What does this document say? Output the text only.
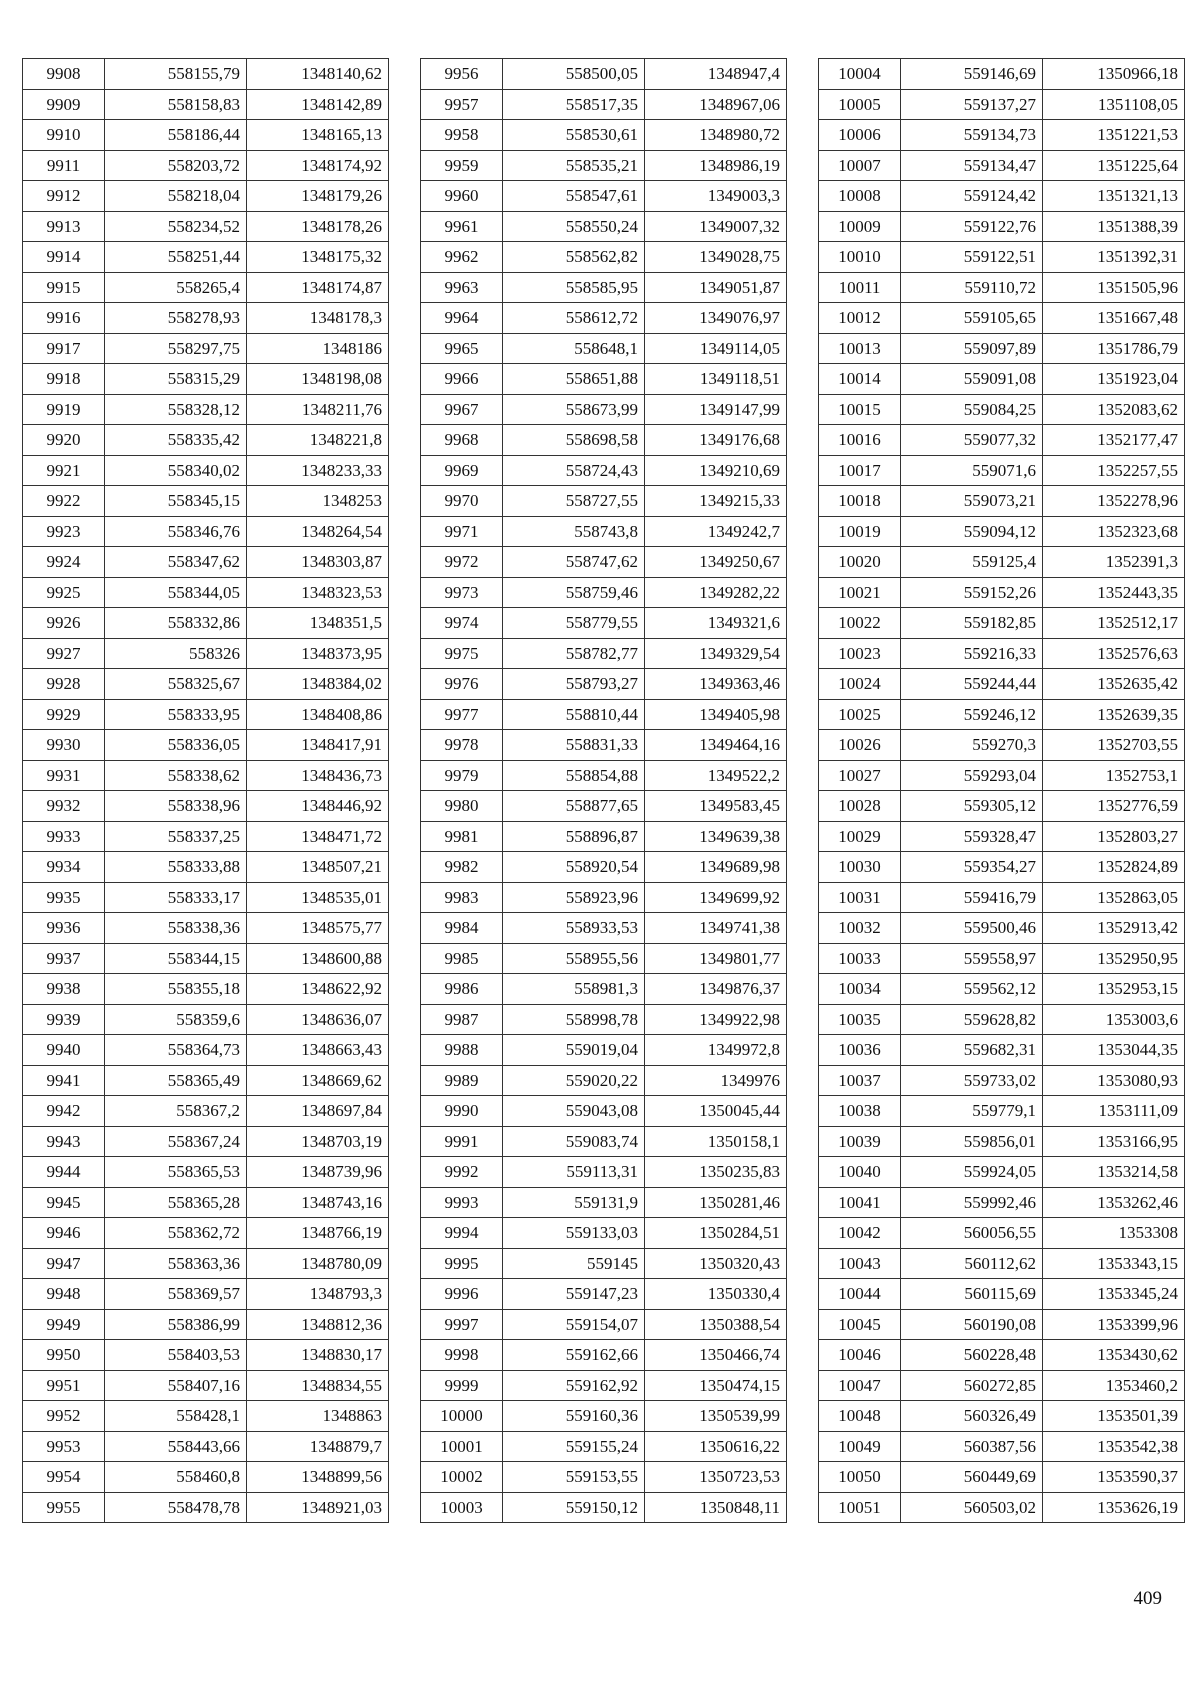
9908	558155,79	1348140,62
9909	558158,83	1348142,89
9910	558186,44	1348165,13
9911	558203,72	1348174,92
9912	558218,04	1348179,26
9913	558234,52	1348178,26
9914	558251,44	1348175,32
9915	558265,4	1348174,87
9916	558278,93	1348178,3
9917	558297,75	1348186
9918	558315,29	1348198,08
9919	558328,12	1348211,76
9920	558335,42	1348221,8
9921	558340,02	1348233,33
9922	558345,15	1348253
9923	558346,76	1348264,54
9924	558347,62	1348303,87
9925	558344,05	1348323,53
9926	558332,86	1348351,5
9927	558326	1348373,95
9928	558325,67	1348384,02
9929	558333,95	1348408,86
9930	558336,05	1348417,91
9931	558338,62	1348436,73
9932	558338,96	1348446,92
9933	558337,25	1348471,72
9934	558333,88	1348507,21
9935	558333,17	1348535,01
9936	558338,36	1348575,77
9937	558344,15	1348600,88
9938	558355,18	1348622,92
9939	558359,6	1348636,07
9940	558364,73	1348663,43
9941	558365,49	1348669,62
9942	558367,2	1348697,84
9943	558367,24	1348703,19
9944	558365,53	1348739,96
9945	558365,28	1348743,16
9946	558362,72	1348766,19
9947	558363,36	1348780,09
9948	558369,57	1348793,3
9949	558386,99	1348812,36
9950	558403,53	1348830,17
9951	558407,16	1348834,55
9952	558428,1	1348863
9953	558443,66	1348879,7
9954	558460,8	1348899,56
9955	558478,78	1348921,03
9956	558500,05	1348947,4
9957	558517,35	1348967,06
9958	558530,61	1348980,72
9959	558535,21	1348986,19
9960	558547,61	1349003,3
9961	558550,24	1349007,32
9962	558562,82	1349028,75
9963	558585,95	1349051,87
9964	558612,72	1349076,97
9965	558648,1	1349114,05
9966	558651,88	1349118,51
9967	558673,99	1349147,99
9968	558698,58	1349176,68
9969	558724,43	1349210,69
9970	558727,55	1349215,33
9971	558743,8	1349242,7
9972	558747,62	1349250,67
9973	558759,46	1349282,22
9974	558779,55	1349321,6
9975	558782,77	1349329,54
9976	558793,27	1349363,46
9977	558810,44	1349405,98
9978	558831,33	1349464,16
9979	558854,88	1349522,2
9980	558877,65	1349583,45
9981	558896,87	1349639,38
9982	558920,54	1349689,98
9983	558923,96	1349699,92
9984	558933,53	1349741,38
9985	558955,56	1349801,77
9986	558981,3	1349876,37
9987	558998,78	1349922,98
9988	559019,04	1349972,8
9989	559020,22	1349976
9990	559043,08	1350045,44
9991	559083,74	1350158,1
9992	559113,31	1350235,83
9993	559131,9	1350281,46
9994	559133,03	1350284,51
9995	559145	1350320,43
9996	559147,23	1350330,4
9997	559154,07	1350388,54
9998	559162,66	1350466,74
9999	559162,92	1350474,15
10000	559160,36	1350539,99
10001	559155,24	1350616,22
10002	559153,55	1350723,53
10003	559150,12	1350848,11
10004	559146,69	1350966,18
10005	559137,27	1351108,05
10006	559134,73	1351221,53
10007	559134,47	1351225,64
10008	559124,42	1351321,13
10009	559122,76	1351388,39
10010	559122,51	1351392,31
10011	559110,72	1351505,96
10012	559105,65	1351667,48
10013	559097,89	1351786,79
10014	559091,08	1351923,04
10015	559084,25	1352083,62
10016	559077,32	1352177,47
10017	559071,6	1352257,55
10018	559073,21	1352278,96
10019	559094,12	1352323,68
10020	559125,4	1352391,3
10021	559152,26	1352443,35
10022	559182,85	1352512,17
10023	559216,33	1352576,63
10024	559244,44	1352635,42
10025	559246,12	1352639,35
10026	559270,3	1352703,55
10027	559293,04	1352753,1
10028	559305,12	1352776,59
10029	559328,47	1352803,27
10030	559354,27	1352824,89
10031	559416,79	1352863,05
10032	559500,46	1352913,42
10033	559558,97	1352950,95
10034	559562,12	1352953,15
10035	559628,82	1353003,6
10036	559682,31	1353044,35
10037	559733,02	1353080,93
10038	559779,1	1353111,09
10039	559856,01	1353166,95
10040	559924,05	1353214,58
10041	559992,46	1353262,46
10042	560056,55	1353308
10043	560112,62	1353343,15
10044	560115,69	1353345,24
10045	560190,08	1353399,96
10046	560228,48	1353430,62
10047	560272,85	1353460,2
10048	560326,49	1353501,39
10049	560387,56	1353542,38
10050	560449,69	1353590,37
10051	560503,02	1353626,19
409
